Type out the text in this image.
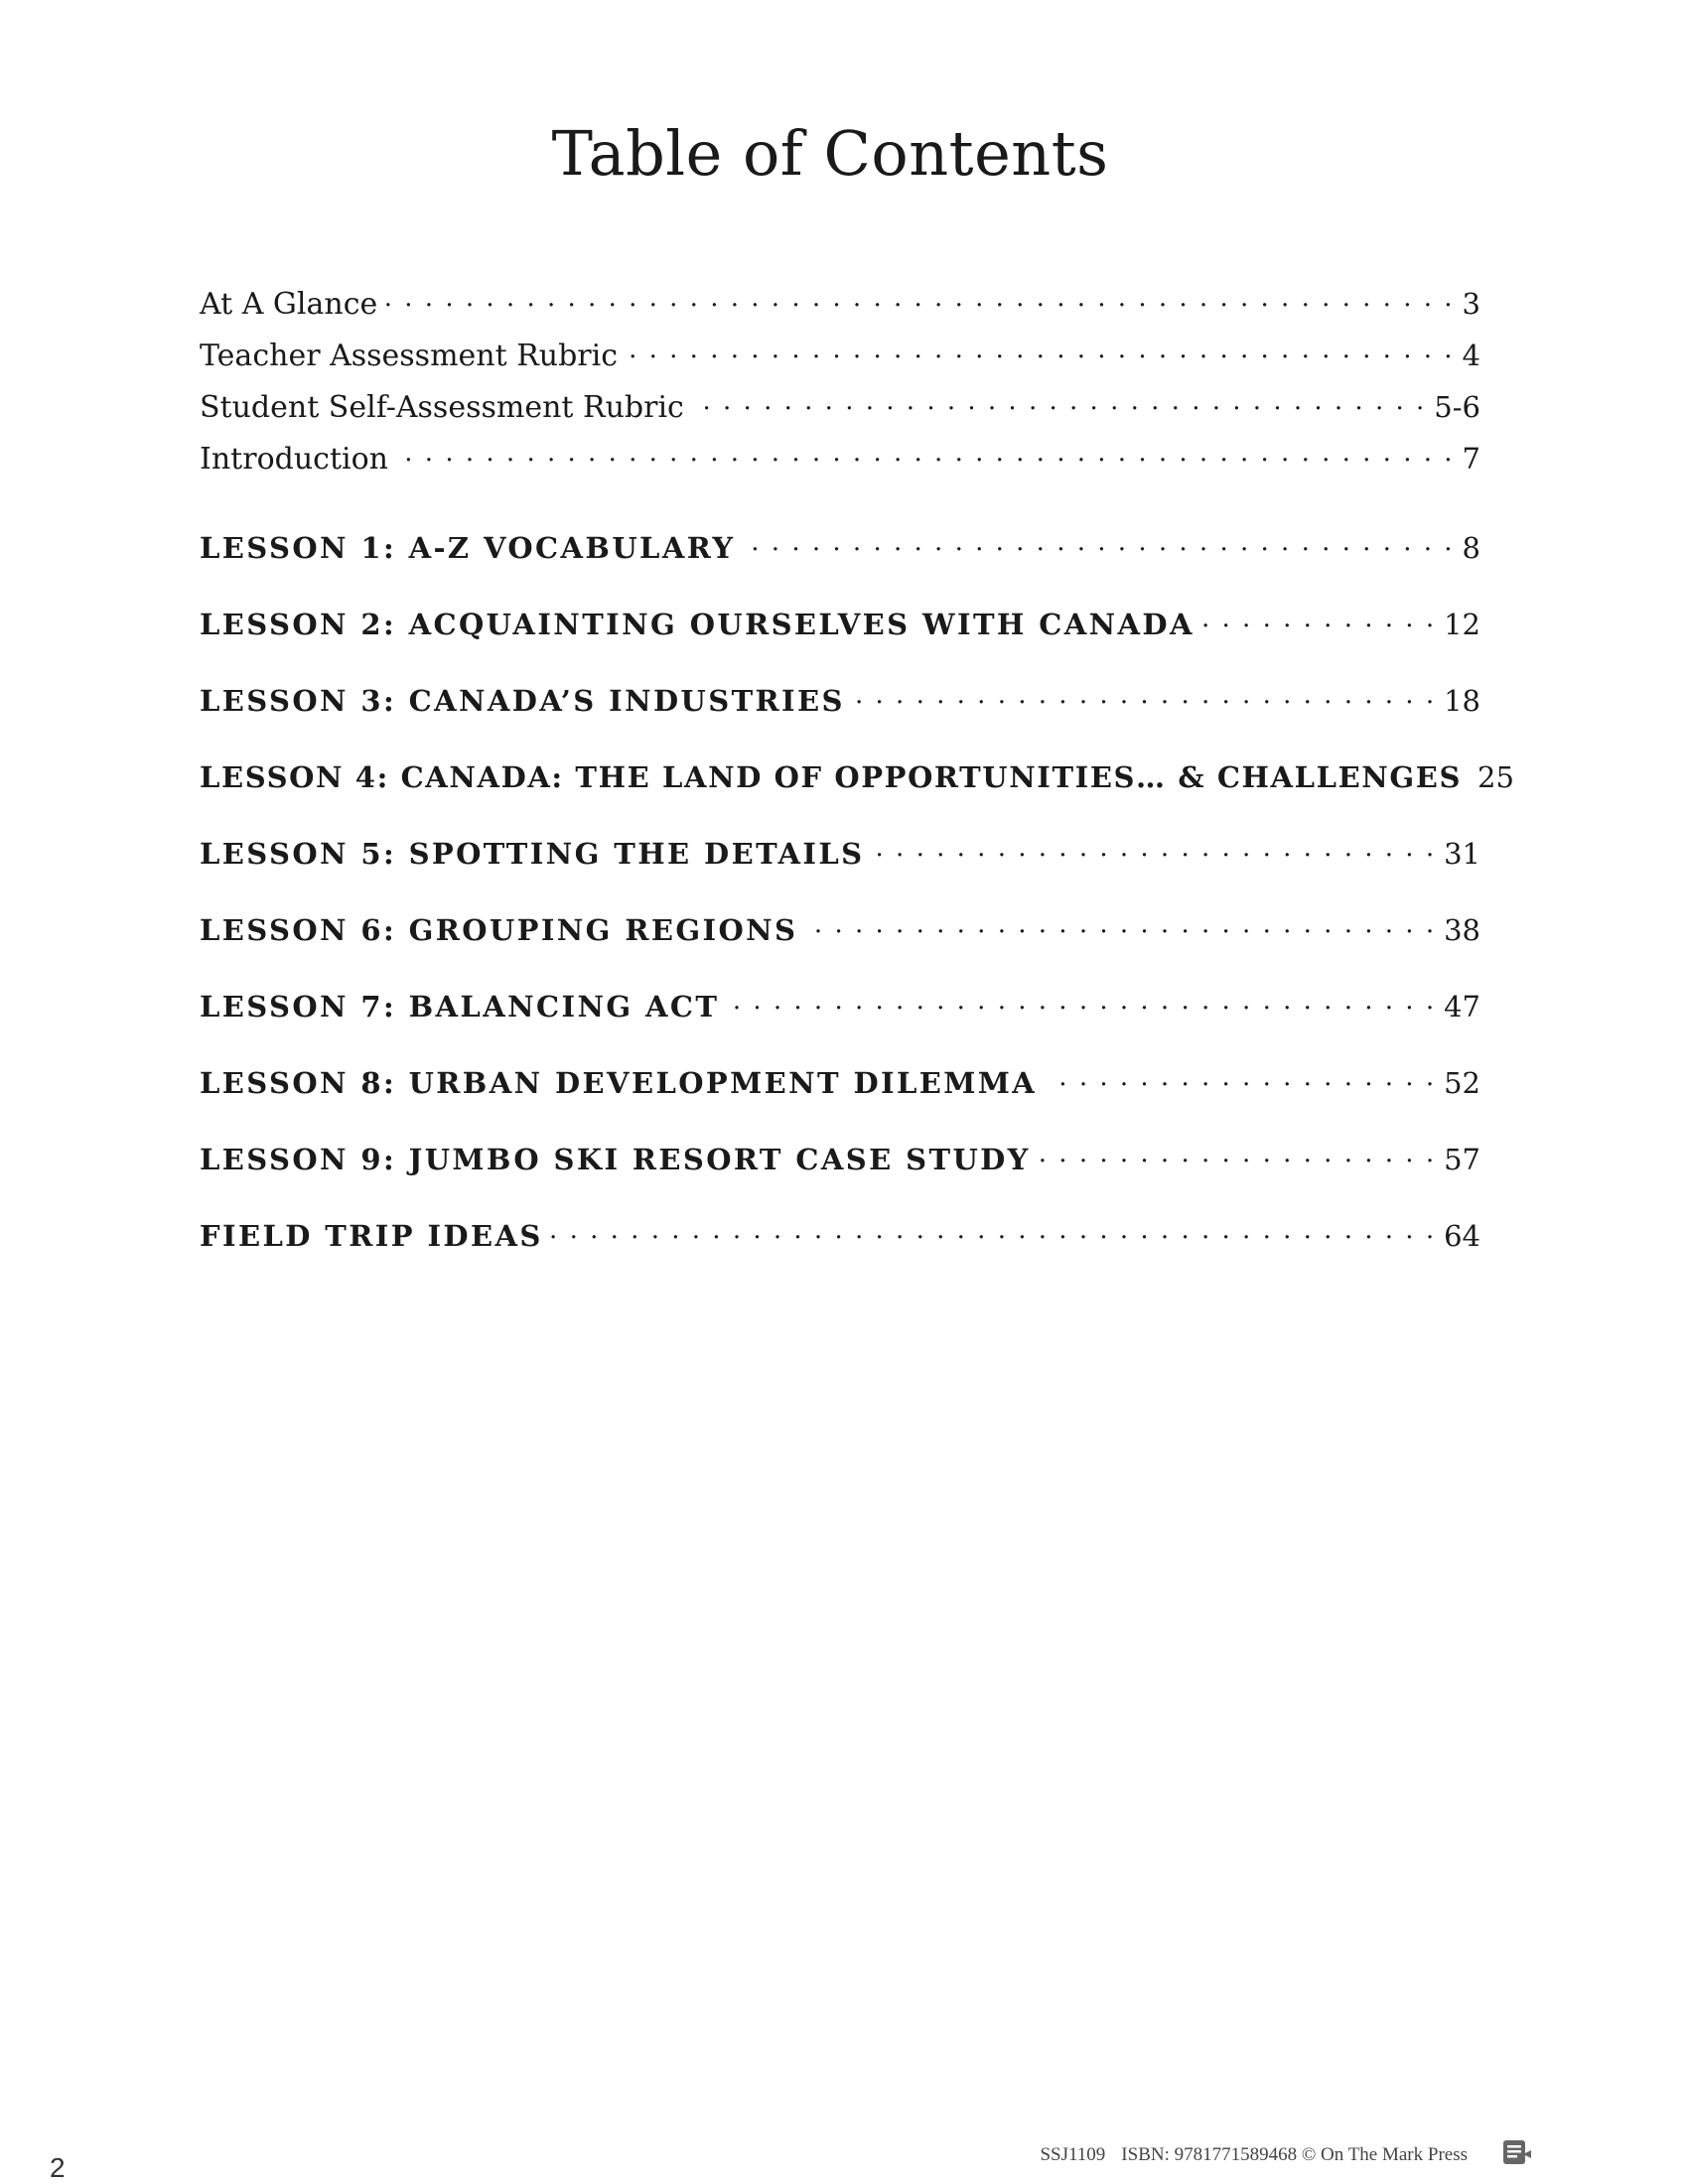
Table of Contents
At A Glance . . .	3
Teacher Assessment Rubric . . .	4
Student Self-Assessment Rubric . . .	5-6
Introduction . . .	7
LESSON 1: A-Z VOCABULARY . . .	8
LESSON 2: ACQUAINTING OURSELVES WITH CANADA . . .	12
LESSON 3: CANADA’S INDUSTRIES . . .	18
LESSON 4: CANADA: THE LAND OF OPPORTUNITIES… & CHALLENGES 25
LESSON 5: SPOTTING THE DETAILS . . .	31
LESSON 6: GROUPING REGIONS . . .	38
LESSON 7: BALANCING ACT . . .	47
LESSON 8: URBAN DEVELOPMENT DILEMMA . . .	52
LESSON 9: JUMBO SKI RESORT CASE STUDY . . .	57
FIELD TRIP IDEAS . . .	64
2	SSJ1109 ISBN: 9781771589468 © On The Mark Press
